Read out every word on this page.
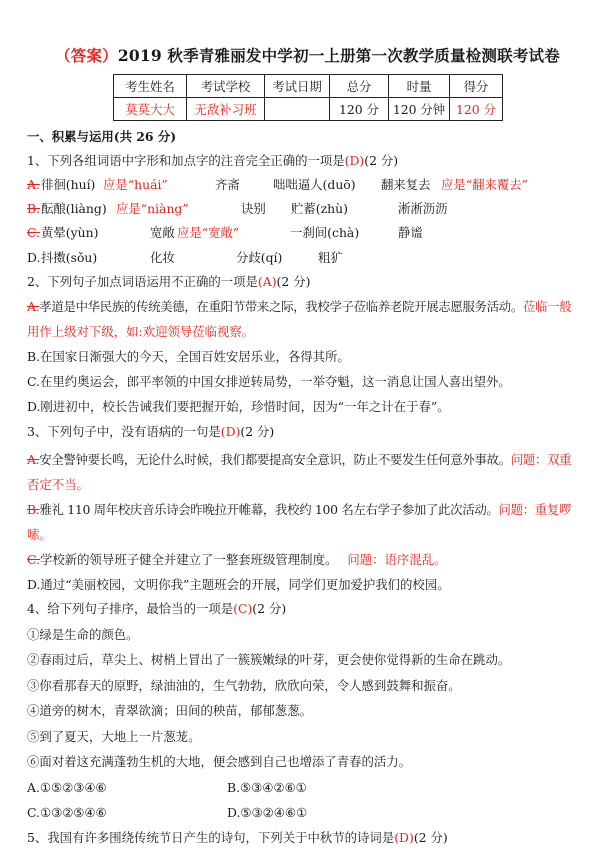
（答案）2019 秋季青雅丽发中学初一上册第一次教学质量检测联考试卷
考生姓名	考试学校	考试日期	总分	时量	得分
莫莫大大	无敌补习班		120 分	120 分钟	120 分
一、积累与运用(共 26 分)
1、下列各组词语中字形和加点字的注音完全正确的一项是(D)(2 分)
A. 徘徊(huí) 应是“huái”	齐斋	咄咄逼人(duō) 翻来复去 应是“翻来覆去”
B. 酝酿(liàng) 应是“niàng”	诀别 贮蓄(zhù)	淅淅沥沥
C. 黄晕(yùn)	宽敞 应是“宽敞”	一刹间(chà)	静谧
D. 抖擞(sǒu)	化妆	分歧(qí)	粗犷
2、下列句子加点词语运用不正确的一项是(A)(2 分)
A.孝道是中华民族的传统美德，在重阳节带来之际，我校学子莅临养老院开展志愿服务活动。莅临一般
用作上级对下级，如:欢迎领导莅临视察。
B.在国家日渐强大的今天，全国百姓安居乐业，各得其所。
C.在里约奥运会，郎平率领的中国女排逆转局势，一举夺魁，这一消息让国人喜出望外。
D.刚进初中，校长告诫我们要把握开始，珍惜时间，因为“一年之计在于春”。
3、下列句子中，没有语病的一句是(D)(2 分)
A.安全警钟要长鸣，无论什么时候，我们都要提高安全意识，防止不要发生任何意外事故。问题：双重
否定不当。
B.雅礼 110 周年校庆音乐诗会昨晚拉开帷幕，我校约 100 名左右学子参加了此次活动。问题：重复啰
嗦。
C.学校新的领导班子健全并建立了一整套班级管理制度。 问题：语序混乱。
D.通过“美丽校园，文明你我”主题班会的开展，同学们更加爱护我们的校园。
4、给下列句子排序，最恰当的一项是(C)(2 分)
①绿是生命的颜色。
②春雨过后，草尖上、树梢上冒出了一簇簇嫩绿的叶芽，更会使你觉得新的生命在跳动。
③你看那春天的原野，绿油油的，生气勃勃，欣欣向荣，令人感到鼓舞和振奋。
④道旁的树木，青翠欲滴；田间的秧苗，郁郁葱葱。
⑤到了夏天，大地上一片葱茏。
⑥面对着这充满蓬勃生机的大地，便会感到自己也增添了青春的活力。
A.①⑤②③④⑥	B.⑤③④②⑥①
C.①③②⑤④⑥	D.⑤③②④⑥①
5、我国有许多围绕传统节日产生的诗句，下列关于中秋节的诗词是(D)(2 分)
